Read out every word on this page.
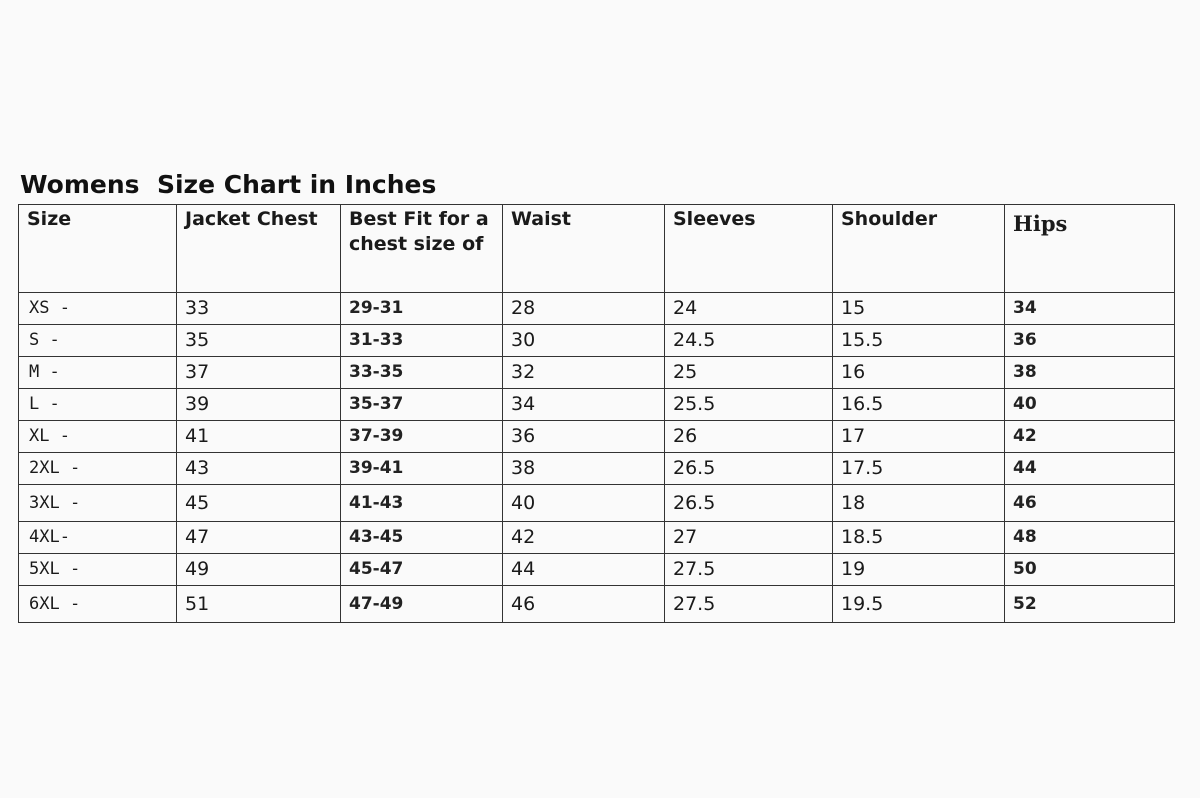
Womens  Size Chart in Inches
Size	Jacket Chest	Best Fit for a chest size of	Waist	Sleeves	Shoulder	Hips
XS -	33	29-31	28	24	15	34
S -	35	31-33	30	24.5	15.5	36
M -	37	33-35	32	25	16	38
L -	39	35-37	34	25.5	16.5	40
XL -	41	37-39	36	26	17	42
2XL -	43	39-41	38	26.5	17.5	44
3XL -	45	41-43	40	26.5	18	46
4XL-	47	43-45	42	27	18.5	48
5XL -	49	45-47	44	27.5	19	50
6XL -	51	47-49	46	27.5	19.5	52
